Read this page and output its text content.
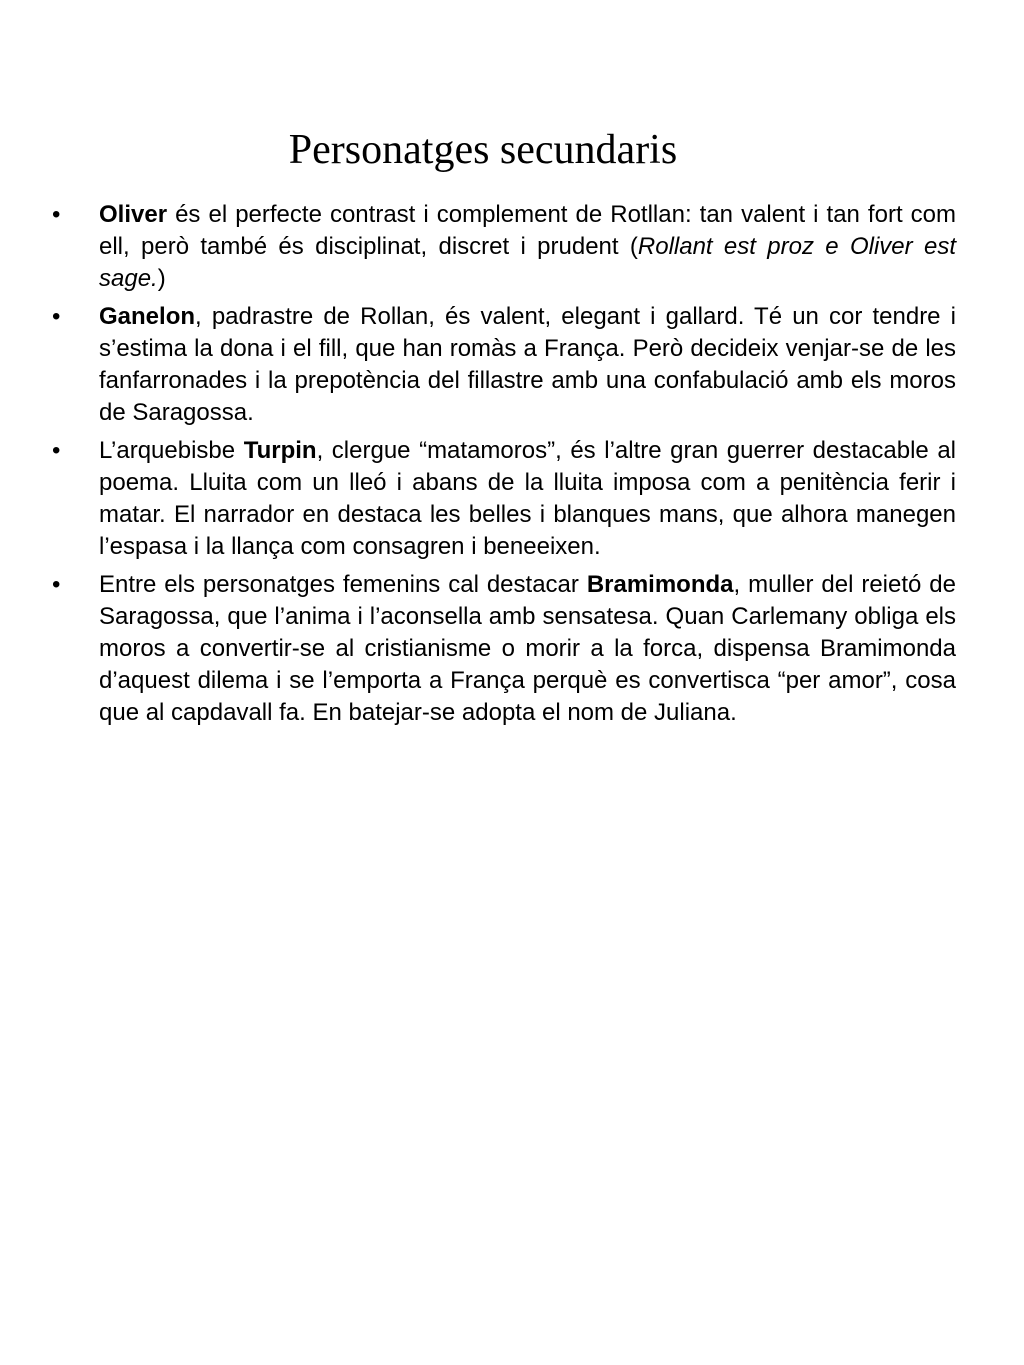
Personatges secundaris
•	Oliver és el perfecte contrast i complement de Rotllan: tan valent i tan fort com ell, però també és disciplinat, discret i prudent (Rollant est proz e Oliver est sage.)
•	Ganelon, padrastre de Rollan, és valent, elegant i gallard. Té un cor tendre i s’estima la dona i el fill, que han romàs a França. Però decideix venjar-se de les fanfarronades i la prepotència del fillastre amb una confabulació amb els moros de Saragossa.
•	L’arquebisbe Turpin, clergue “matamoros”, és l’altre gran guerrer destacable al poema. Lluita com un lleó i abans de la lluita imposa com a penitència ferir i matar. El narrador en destaca les belles i blanques mans, que alhora manegen l’espasa i la llança com consagren i beneeixen.
•	Entre els personatges femenins cal destacar Bramimonda, muller del reietó de Saragossa, que l’anima i l’aconsella amb sensatesa. Quan Carlemany obliga els moros a convertir-se al cristianisme o morir a la forca, dispensa Bramimonda d’aquest dilema i se l’emporta a França perquè es convertisca “per amor”, cosa que al capdavall fa. En batejar-se adopta el nom de Juliana.
